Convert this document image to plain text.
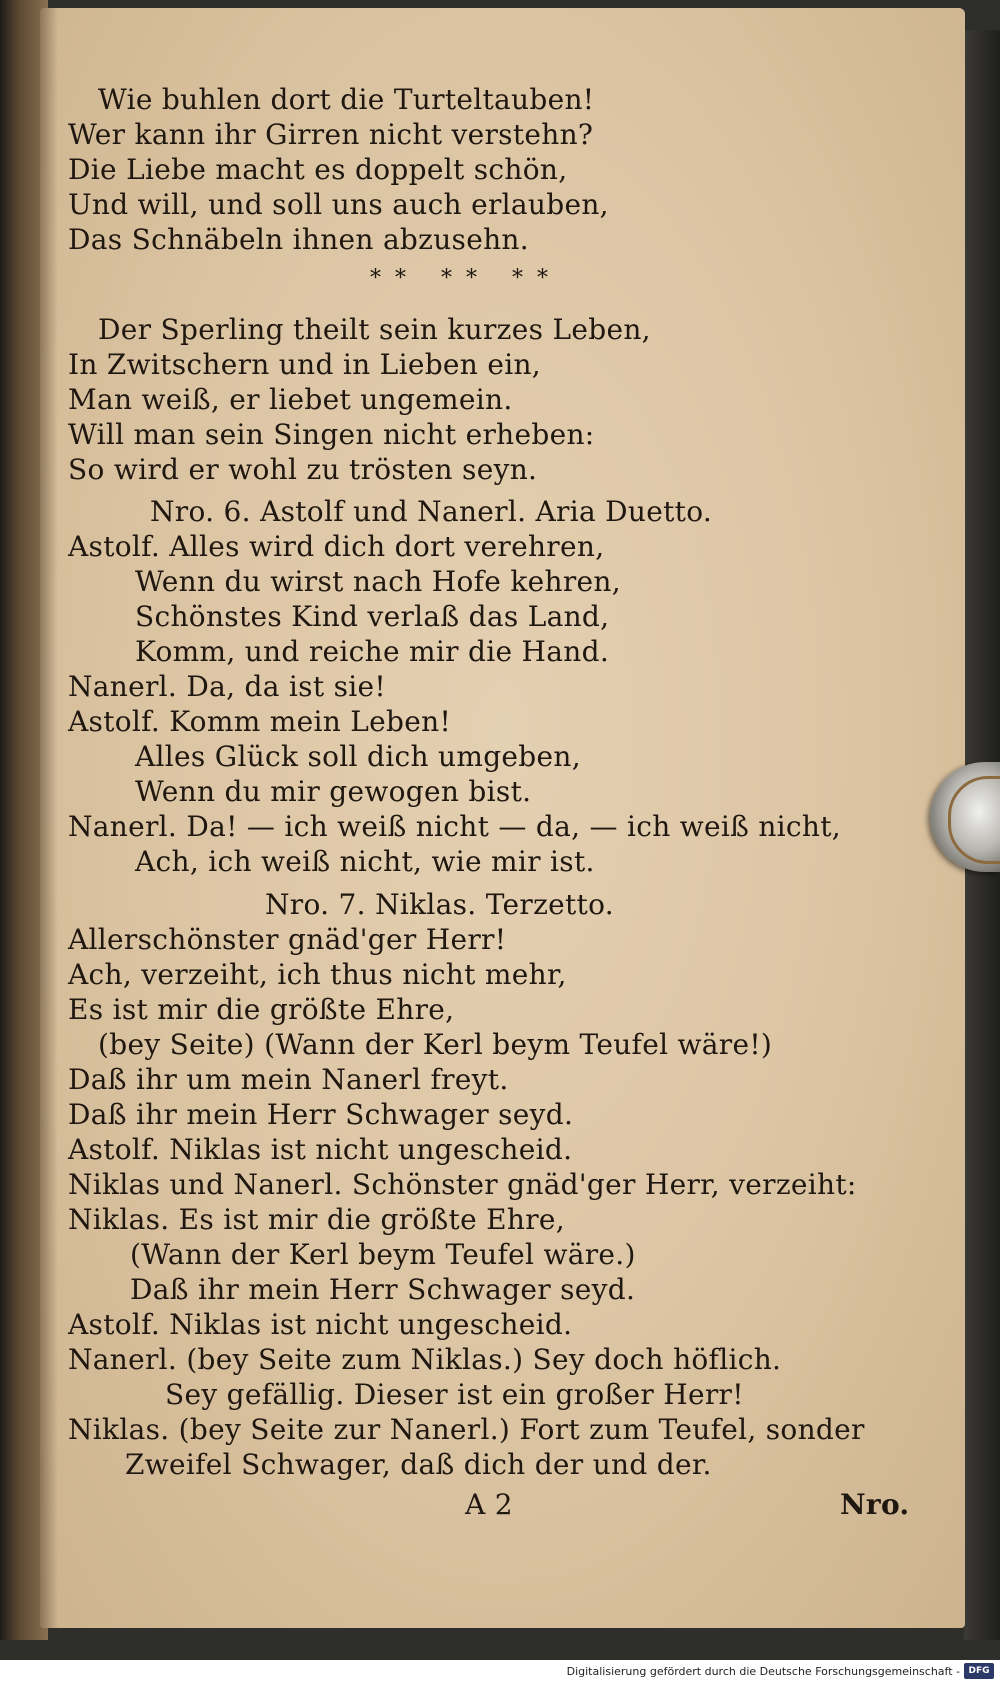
Wie buhlen dort die Turteltauben!
Wer kann ihr Girren nicht verstehn?
Die Liebe macht es doppelt schön,
Und will, und soll uns auch erlauben,
Das Schnäbeln ihnen abzusehn.
** ** **
Der Sperling theilt sein kurzes Leben,
In Zwitschern und in Lieben ein,
Man weiß, er liebet ungemein.
Will man sein Singen nicht erheben:
So wird er wohl zu trösten seyn.
Nro. 6. Astolf und Nanerl. Aria Duetto.
Astolf. Alles wird dich dort verehren,
Wenn du wirst nach Hofe kehren,
Schönstes Kind verlaß das Land,
Komm, und reiche mir die Hand.
Nanerl. Da, da ist sie!
Astolf. Komm mein Leben!
Alles Glück soll dich umgeben,
Wenn du mir gewogen bist.
Nanerl. Da! — ich weiß nicht — da, — ich weiß nicht,
Ach, ich weiß nicht, wie mir ist.
Nro. 7. Niklas. Terzetto.
Allerschönster gnäd'ger Herr!
Ach, verzeiht, ich thus nicht mehr,
Es ist mir die größte Ehre,
(bey Seite) (Wann der Kerl beym Teufel wäre!)
Daß ihr um mein Nanerl freyt.
Daß ihr mein Herr Schwager seyd.
Astolf. Niklas ist nicht ungescheid.
Niklas und Nanerl. Schönster gnäd'ger Herr, verzeiht:
Niklas. Es ist mir die größte Ehre,
(Wann der Kerl beym Teufel wäre.)
Daß ihr mein Herr Schwager seyd.
Astolf. Niklas ist nicht ungescheid.
Nanerl. (bey Seite zum Niklas.) Sey doch höflich.
Sey gefällig. Dieser ist ein großer Herr!
Niklas. (bey Seite zur Nanerl.) Fort zum Teufel, sonder
Zweifel Schwager, daß dich der und der.
A 2	Nro.
Digitalisierung gefördert durch die Deutsche Forschungsgemeinschaft - DFG
